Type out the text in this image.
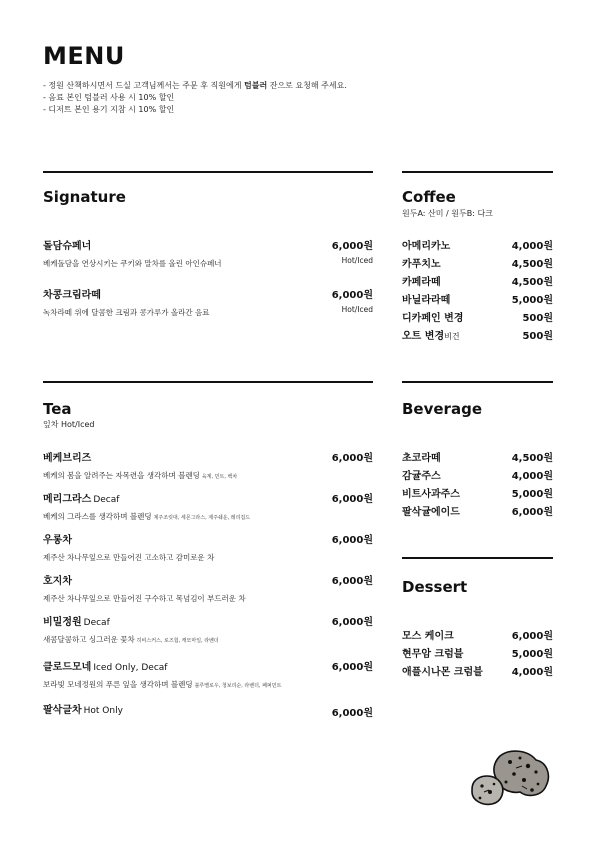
MENU
- 정원 산책하시면서 드실 고객님께서는 주문 후 직원에게 텀블러 잔으로 요청해 주세요.
- 음료 본인 텀블러 사용 시 10% 할인
- 디저트 본인 용기 지참 시 10% 할인
Signature
돌담슈페너	6,000원
베케돌담을 연상시키는 쿠키와 말차를 올린 아인슈페너	Hot/Iced
차콩크림라떼	6,000원
녹차라떼 위에 달콤한 크림과 콩가루가 올라간 음료	Hot/Iced
Coffee
원두A: 산미 / 원두B: 다크
아메리카노	4,000원
카푸치노	4,500원
카페라떼	4,500원
바닐라라떼	5,000원
디카페인 변경	500원
오트 변경비건	500원
Tea
잎차 Hot/Iced
베케브리즈	6,000원
베케의 봄을 알려주는 자목련을 생각하며 블렌딩 육계, 민트, 백차
메리그라스 Decaf	6,000원
베케의 그라스를 생각하며 블렌딩 제주조릿대, 세몬그라스, 제주쉐운, 레리겁드
우롱차	6,000원
제주산 차나무잎으로 만들어진 고소하고 감미로운 차
호지차	6,000원
제주산 차나무잎으로 만들어진 구수하고 목넘김이 부드러운 차
비밀정원 Decaf	6,000원
새콤달콤하고 싱그러운 꽃차 히비스커스, 로즈힙, 캐모마일, 라벤더
클로드모네 Iced Only, Decaf	6,000원
보라빛 모네정원의 푸른 잎을 생각하며 블렌딩 블루멜로우, 청보리순, 라벤더, 페퍼민트
팔삭글차 Hot Only	6,000원
Beverage
초코라떼	4,500원
감귤주스	4,000원
비트사과주스	5,000원
팔삭귤에이드	6,000원
Dessert
모스 케이크	6,000원
현무암 크럼블	5,000원
애플시나몬 크럼블	4,000원
